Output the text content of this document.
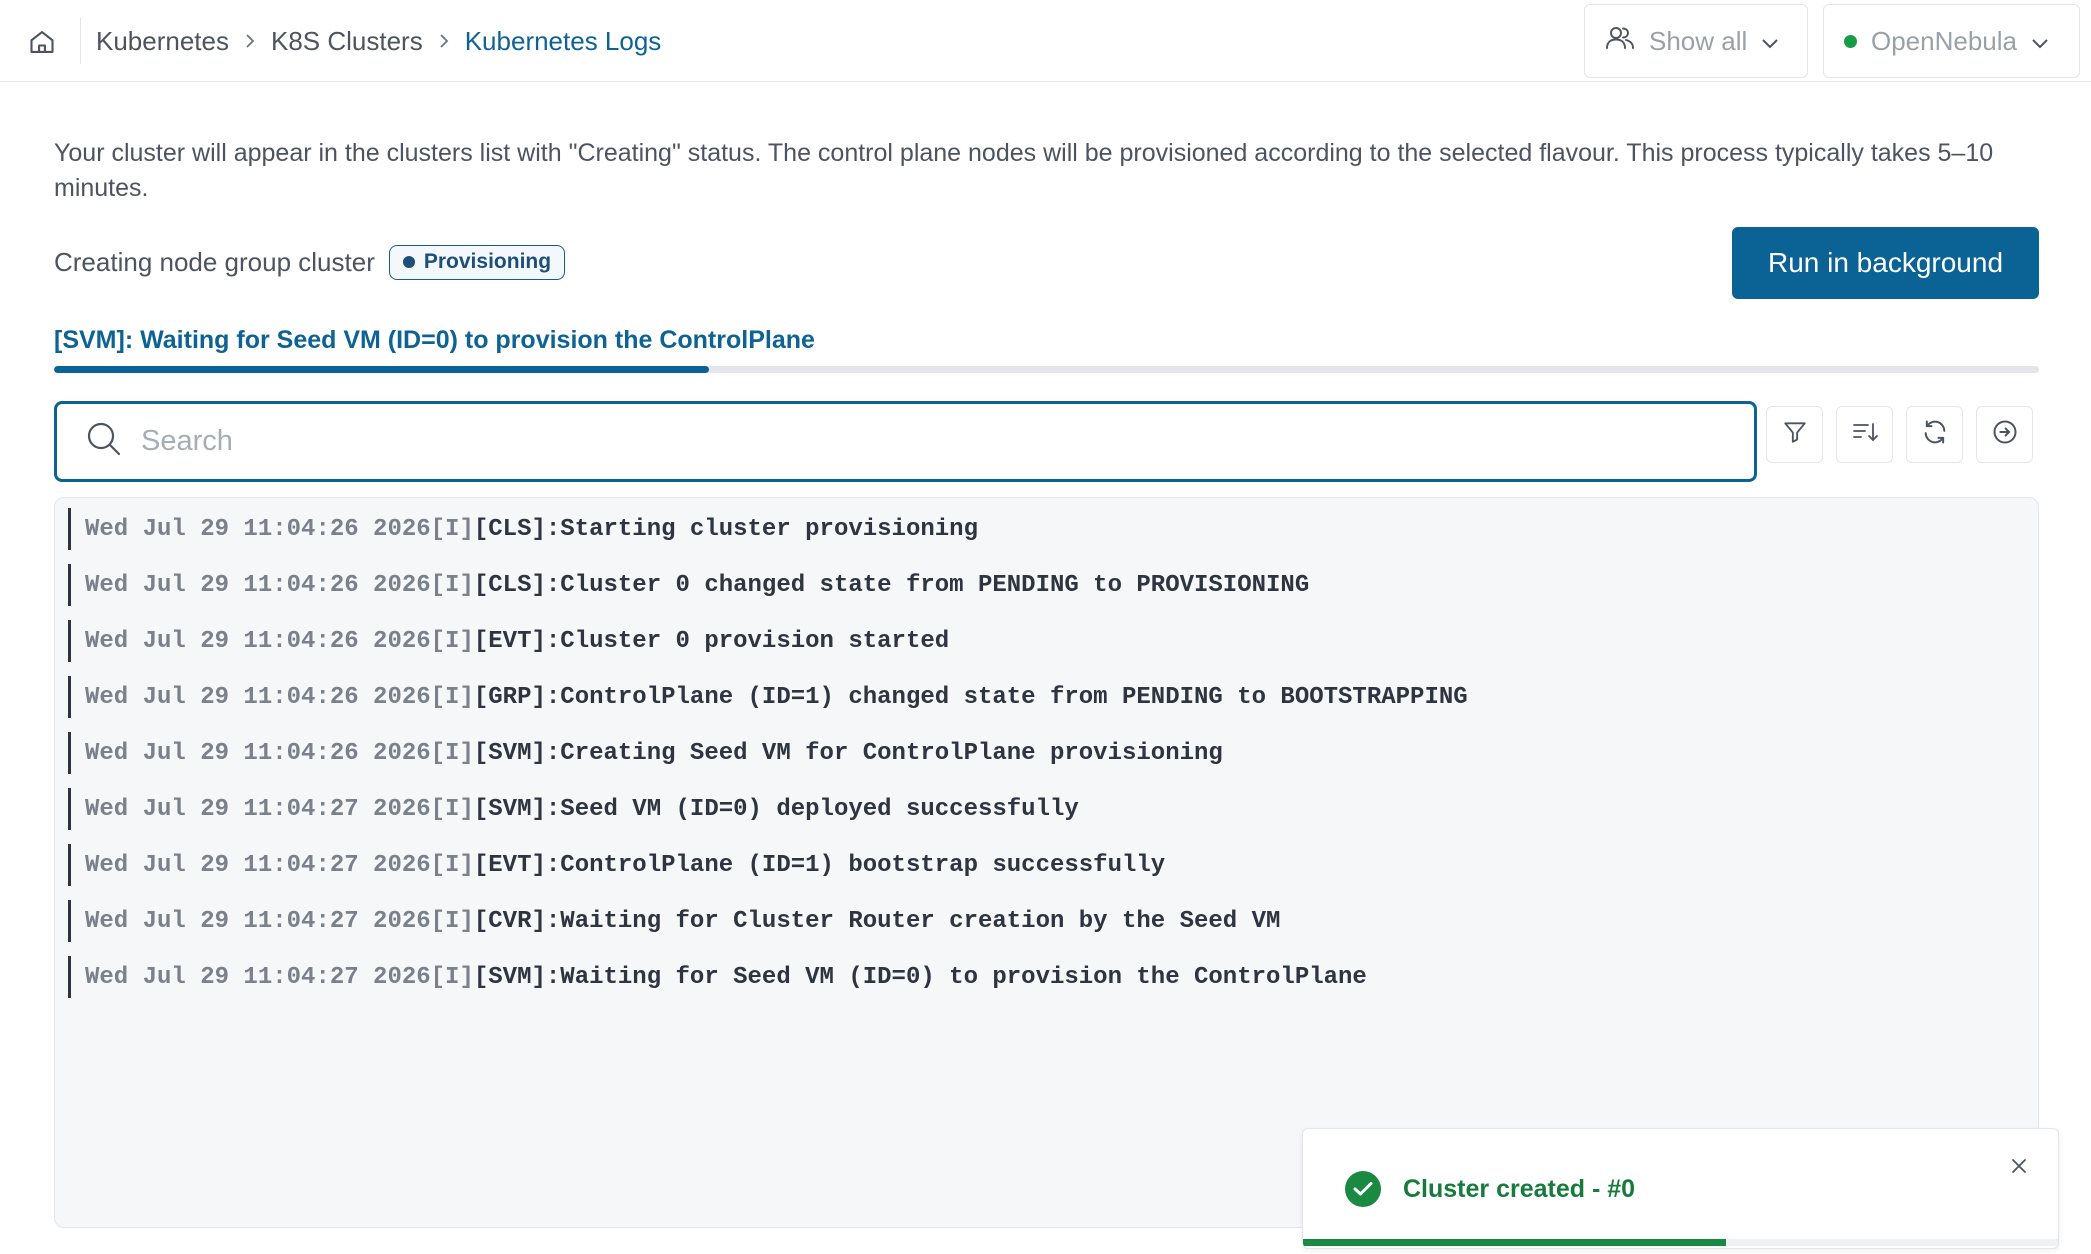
Kubernetes K8S Clusters Kubernetes Logs	Show all	OpenNebula

Your cluster will appear in the clusters list with "Creating" status. The control plane nodes will be provisioned according to the selected flavour. This process typically takes 5–10 minutes.

Creating node group cluster Provisioning	Run in background
[SVM]: Waiting for Seed VM (ID=0) to provision the ControlPlane
Search
Wed Jul 29 11:04:26 2026 [I] [CLS]: Starting cluster provisioning
Wed Jul 29 11:04:26 2026 [I] [CLS]: Cluster 0 changed state from PENDING to PROVISIONING
Wed Jul 29 11:04:26 2026 [I] [EVT]: Cluster 0 provision started
Wed Jul 29 11:04:26 2026 [I] [GRP]: ControlPlane (ID=1) changed state from PENDING to BOOTSTRAPPING
Wed Jul 29 11:04:26 2026 [I] [SVM]: Creating Seed VM for ControlPlane provisioning
Wed Jul 29 11:04:27 2026 [I] [SVM]: Seed VM (ID=0) deployed successfully
Wed Jul 29 11:04:27 2026 [I] [EVT]: ControlPlane (ID=1) bootstrap successfully
Wed Jul 29 11:04:27 2026 [I] [CVR]: Waiting for Cluster Router creation by the Seed VM
Wed Jul 29 11:04:27 2026 [I] [SVM]: Waiting for Seed VM (ID=0) to provision the ControlPlane
Cluster created - #0
